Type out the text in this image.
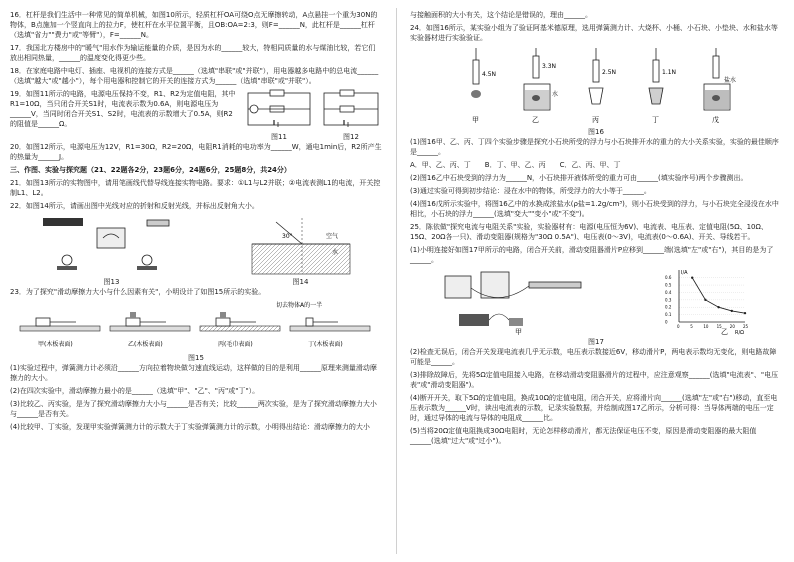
16．杠杆是我们生活中一种常见的简单机械，如图10所示，轻质杠杆OA可绕O点无摩擦转动，A点悬挂一个重为30N的物体，B点施加一个竖直向上的拉力F，使杠杆在水平位置平衡，且OB:OA=2:3，则F=______N，此杠杆是______杠杆（选填"省力""费力"或"等臂"），F=______N。

17．我国北方楼房中的"暖气"用水作为输运能量的介质，是因为水的______较大，特相同质量的水与煤油比较，若它们放出相同热量，______的温度变化得更少些。

18．在家庭电路中电灯、插座、电视机的连接方式是______（选填"串联"或"并联"），用电器越多电路中的总电流______（选填"越大"或"越小"），每个用电器和控制它的开关的连接方式为______（选填"串联"或"并联"）。

19．如图11所示的电路，电源电压保持不变，R1、R2为定值电阻，其中R1=10Ω，当只闭合开关S1时，电流表示数为0.6A，则电源电压为______V，当同时闭合开关S1、S2时，电流表的示数增大了0.5A，则R2的阻值是______Ω。

图11	图12

20．如图12所示，电源电压为12V，R1=30Ω，R2=20Ω，电阻R1消耗的电功率为______W，通电1min后，R2所产生的热量为______J。

三、作图、实验与探究题（21、22题各2分，23题6分，24题6分，25题8分，共24分）

21．如图13所示的实物图中，请用笔画线代替导线连接实物电路。要求：①L1与L2并联；②电流表测L1的电流，开关控制L1、L2。

22．如图14所示，请画出图中光线对应的折射和反射光线，并标出反射角大小。

图13
30°	空气
水
图14

23．为了探究"滑动摩擦力大小与什么因素有关"，小明设计了如图15所示的实验。

切去物体A的一半
甲(木板表面)	乙(木板表面)	丙(毛巾表面)	丁(木板表面)
图15

(1)实验过程中，弹簧测力计必须沿______方向拉着物块做匀速直线运动，这样做的目的是利用______原理来测量滑动摩擦力的大小。

(2)在四次实验中，滑动摩擦力最小的是______（选填"甲"、"乙"、"丙"或"丁"）。

(3)比较乙、丙实验，是为了探究滑动摩擦力大小与______是否有关；比较______两次实验，是为了探究滑动摩擦力大小与______是否有关。

(4)比较甲、丁实验，发现甲实验弹簧测力计的示数大于丁实验弹簧测力计的示数，小明得出结论：滑动摩擦力的大小

与接触面积的大小有关，这个结论是错误的，理由______。

24．如图16所示，某实验小组为了验证阿基米德原理，选用弹簧测力计、大烧杯、小桶、小石块、小垫块、水和盐水等实验器材进行实验验证。

4.5N
甲
3.3N
水
乙
2.5N
丙
1.1N
丁
盐水
戊
图16

(1)图16甲、乙、丙、丁四个实验步骤是探究小石块所受的浮力与小石块排开水的重力的大小关系实验，实验的最佳顺序是______。

A．甲、乙、丙、丁　　B．丁、甲、乙、丙　　C．乙、丙、甲、丁

(2)图16乙中石块受到的浮力为______N，小石块排开液体所受的重力可由______(填实验序号)两个步骤测出。

(3)通过实验可得到初步结论：浸在水中的物体，所受浮力的大小等于______。

(4)图16戊所示实验中，将图16乙中的水换成浓盐水(ρ盐=1.2g/cm³)，则小石块受到的浮力，与小石块完全浸没在水中相比，小石块的浮力______(选填"变大""变小"或"不变")。

25．陈依做"探究电流与电阻关系"实验，实验器材有：电源(电压恒为6V)、电流表、电压表、定值电阻(5Ω、10Ω、15Ω、20Ω各一只)、滑动变阻器(规格为"30Ω 0.5A")、电压表(0～3V)，电流表(0～0.6A)、开关、导线若干。

(1)小明连接好如图17甲所示的电路，闭合开关前，滑动变阻器滑片P应移到______端(选填"左"或"右")，其目的是为了______。

甲	乙
I/A
R/Ω
0	5	10 15 20 25
0
0.1
0.2
0.3
0.4
0.5
0.6
图17

(2)检查无误后，闭合开关发现电流表几乎无示数，电压表示数接近6V，移动滑片P，两电表示数均无变化，则电路故障可能是______。

(3)排除故障后，先将5Ω定值电阻接入电路，在移动滑动变阻器滑片的过程中，应注意观察______(选填"电流表"、"电压表"或"滑动变阻器")。

(4)断开开关，取下5Ω的定值电阻，换成10Ω的定值电阻，闭合开关，应将滑片向______(选填"左"或"右")移动，直至电压表示数为______V时，读出电流表的示数，记录实验数据，并绘制成图17乙所示，分析可得：当导体两端的电压一定时，通过导体的电流与导体的电阻成______比。

(5)当将20Ω定值电阻换成30Ω电阻时，无论怎样移动滑片，都无法保证电压不变，原因是滑动变阻器的最大阻值______(选填"过大"或"过小")。
